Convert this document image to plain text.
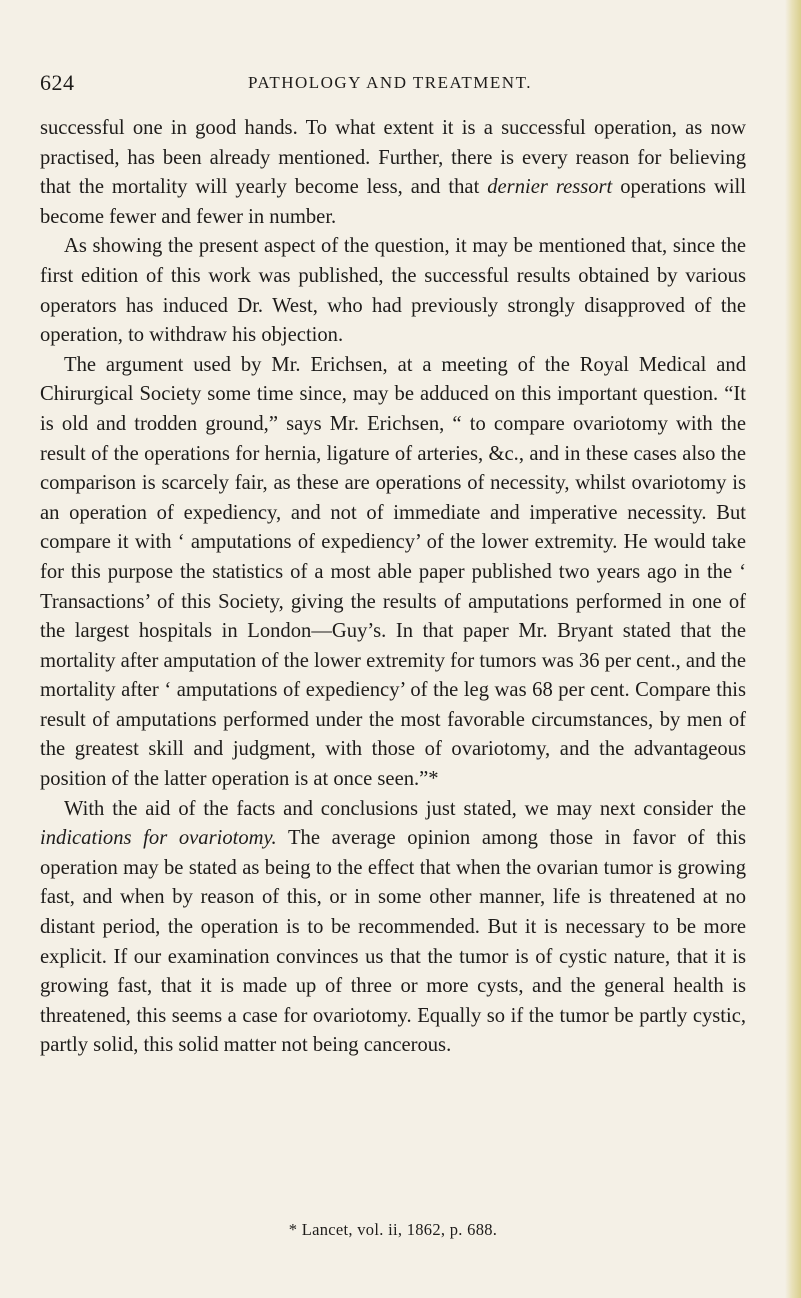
624	PATHOLOGY AND TREATMENT.

successful one in good hands. To what extent it is a successful operation, as now practised, has been already mentioned. Further, there is every reason for believing that the mortality will yearly become less, and that dernier ressort operations will become fewer and fewer in number.

As showing the present aspect of the question, it may be mentioned that, since the first edition of this work was published, the successful results obtained by various operators has induced Dr. West, who had previously strongly disapproved of the operation, to withdraw his objection.

The argument used by Mr. Erichsen, at a meeting of the Royal Medical and Chirurgical Society some time since, may be adduced on this important question. “It is old and trodden ground,” says Mr. Erichsen, “ to compare ovariotomy with the result of the operations for hernia, ligature of arteries, &c., and in these cases also the comparison is scarcely fair, as these are operations of necessity, whilst ovariotomy is an operation of expediency, and not of immediate and imperative necessity. But compare it with ‘ amputations of expediency’ of the lower extremity. He would take for this purpose the statistics of a most able paper published two years ago in the ‘ Transactions’ of this Society, giving the results of amputations performed in one of the largest hospitals in London—Guy’s. In that paper Mr. Bryant stated that the mortality after amputation of the lower extremity for tumors was 36 per cent., and the mortality after ‘ amputations of expediency’ of the leg was 68 per cent. Compare this result of amputations performed under the most favorable circumstances, by men of the greatest skill and judgment, with those of ovariotomy, and the advantageous position of the latter operation is at once seen.”*

With the aid of the facts and conclusions just stated, we may next consider the indications for ovariotomy. The average opinion among those in favor of this operation may be stated as being to the effect that when the ovarian tumor is growing fast, and when by reason of this, or in some other manner, life is threatened at no distant period, the operation is to be recommended. But it is necessary to be more explicit. If our examination convinces us that the tumor is of cystic nature, that it is growing fast, that it is made up of three or more cysts, and the general health is threatened, this seems a case for ovariotomy. Equally so if the tumor be partly cystic, partly solid, this solid matter not being cancerous.

* Lancet, vol. ii, 1862, p. 688.
